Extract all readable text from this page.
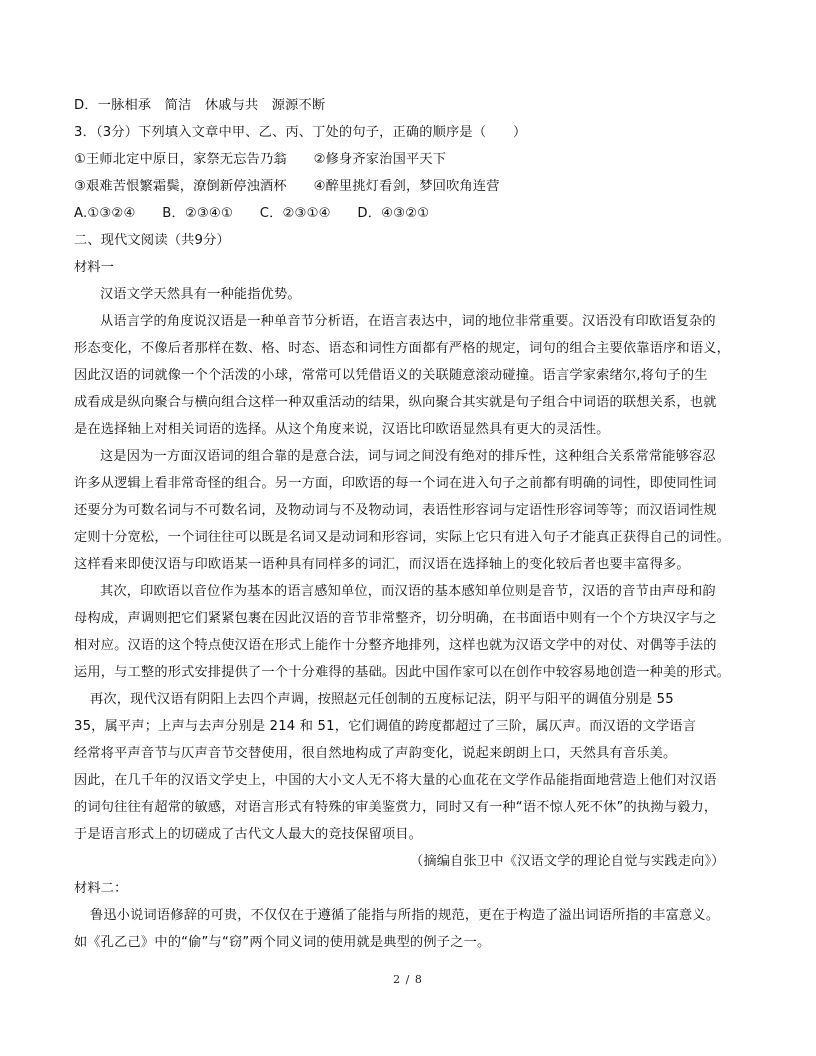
D．一脉相承　简洁　休戚与共　源源不断
3．（3分）下列填入文章中甲、乙、丙、丁处的句子，正确的顺序是（　　）
①王师北定中原日，家祭无忘告乃翁　　②修身齐家治国平天下
③艰难苦恨繁霜鬓，潦倒新停浊酒杯　　④醉里挑灯看剑，梦回吹角连营
A.①③②④　　B．②③④①　　C．②③①④　　D．④③②①
二、现代文阅读（共9分）
材料一
汉语文学天然具有一种能指优势。
从语言学的角度说汉语是一种单音节分析语，在语言表达中，词的地位非常重要。汉语没有印欧语复杂的
形态变化，不像后者那样在数、格、时态、语态和词性方面都有严格的规定，词句的组合主要依靠语序和语义，
因此汉语的词就像一个个活泼的小球，常常可以凭借语义的关联随意滚动碰撞。语言学家索绪尔,将句子的生
成看成是纵向聚合与横向组合这样一种双重活动的结果，纵向聚合其实就是句子组合中词语的联想关系，也就
是在选择轴上对相关词语的选择。从这个角度来说，汉语比印欧语显然具有更大的灵活性。
这是因为一方面汉语词的组合靠的是意合法，词与词之间没有绝对的排斥性，这种组合关系常常能够容忍
许多从逻辑上看非常奇怪的组合。另一方面，印欧语的每一个词在进入句子之前都有明确的词性，即使同性词
还要分为可数名词与不可数名词，及物动词与不及物动词，表语性形容词与定语性形容词等等；而汉语词性规
定则十分宽松，一个词往往可以既是名词又是动词和形容词，实际上它只有进入句子才能真正获得自己的词性。
这样看来即使汉语与印欧语某一语种具有同样多的词汇，而汉语在选择轴上的变化较后者也要丰富得多。
其次，印欧语以音位作为基本的语言感知单位，而汉语的基本感知单位则是音节，汉语的音节由声母和韵
母构成，声调则把它们紧紧包裹在因此汉语的音节非常整齐，切分明确，在书面语中则有一个个方块汉字与之
相对应。汉语的这个特点使汉语在形式上能作十分整齐地排列，这样也就为汉语文学中的对仗、对偶等手法的
运用，与工整的形式安排提供了一个十分难得的基础。因此中国作家可以在创作中较容易地创造一种美的形式。
再次，现代汉语有阴阳上去四个声调，按照赵元任创制的五度标记法，阴平与阳平的调值分别是 55
35，属平声；上声与去声分别是 214 和 51，它们调值的跨度都超过了三阶，属仄声。而汉语的文学语言
经常将平声音节与仄声音节交替使用，很自然地构成了声韵变化，说起来朗朗上口，天然具有音乐美。
因此，在几千年的汉语文学史上，中国的大小文人无不将大量的心血花在文学作品能指面地营造上他们对汉语
的词句往往有超常的敏感，对语言形式有特殊的审美鉴赏力，同时又有一种“语不惊人死不休”的执拗与毅力，
于是语言形式上的切磋成了古代文人最大的竞技保留项目。
（摘编自张卫中《汉语文学的理论自觉与实践走向》）
材料二：
鲁迅小说词语修辞的可贵，不仅仅在于遵循了能指与所指的规范，更在于构造了溢出词语所指的丰富意义。
如《孔乙己》中的“偷”与“窃”两个同义词的使用就是典型的例子之一。
2 / 8
